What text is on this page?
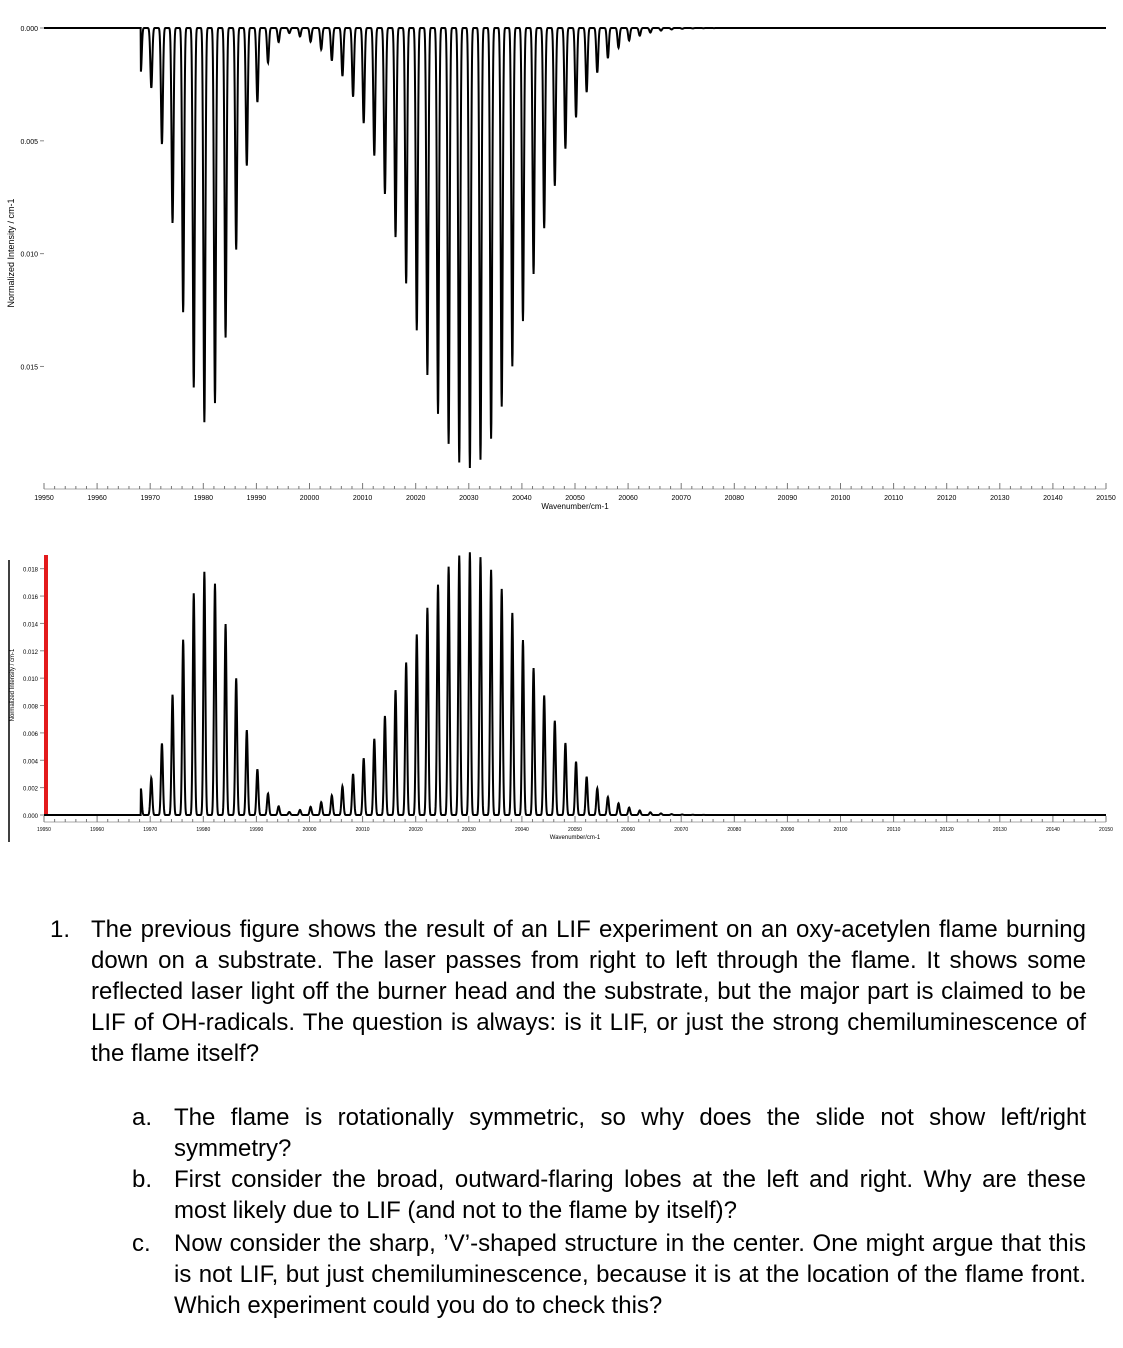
Normalized Intensity / cm-1
0.000
0.005
0.010
0.015
19950	19960	19970	19980	19990	20000	20010	20020	20030	20040	20050	20060	20070	20080	20090	20100	20110	20120	20130	20140	20150
Wavenumber/cm-1
Normalized Intensity / cm-1
0.000
0.002
0.004
0.006
0.008
0.010
0.012
0.014
0.016
0.018
19950	19960	19970	19980	19990	20000	20010	20020	20030	20040	20050	20060	20070	20080	20090	20100	20110	20120	20130	20140	20150
Wavenumber/cm-1
1. The previous figure shows the result of an LIF experiment on an oxy-acetylen flame burning down on a substrate. The laser passes from right to left through the flame. It shows some reflected laser light off the burner head and the substrate, but the major part is claimed to be LIF of OH-radicals. The question is always: is it LIF, or just the strong chemiluminescence of the flame itself?
a. The flame is rotationally symmetric, so why does the slide not show left/right symmetry?
b. First consider the broad, outward-flaring lobes at the left and right. Why are these most likely due to LIF (and not to the flame by itself)?
c. Now consider the sharp, ’V’-shaped structure in the center. One might argue that this is not LIF, but just chemiluminescence, because it is at the location of the flame front. Which experiment could you do to check this?
